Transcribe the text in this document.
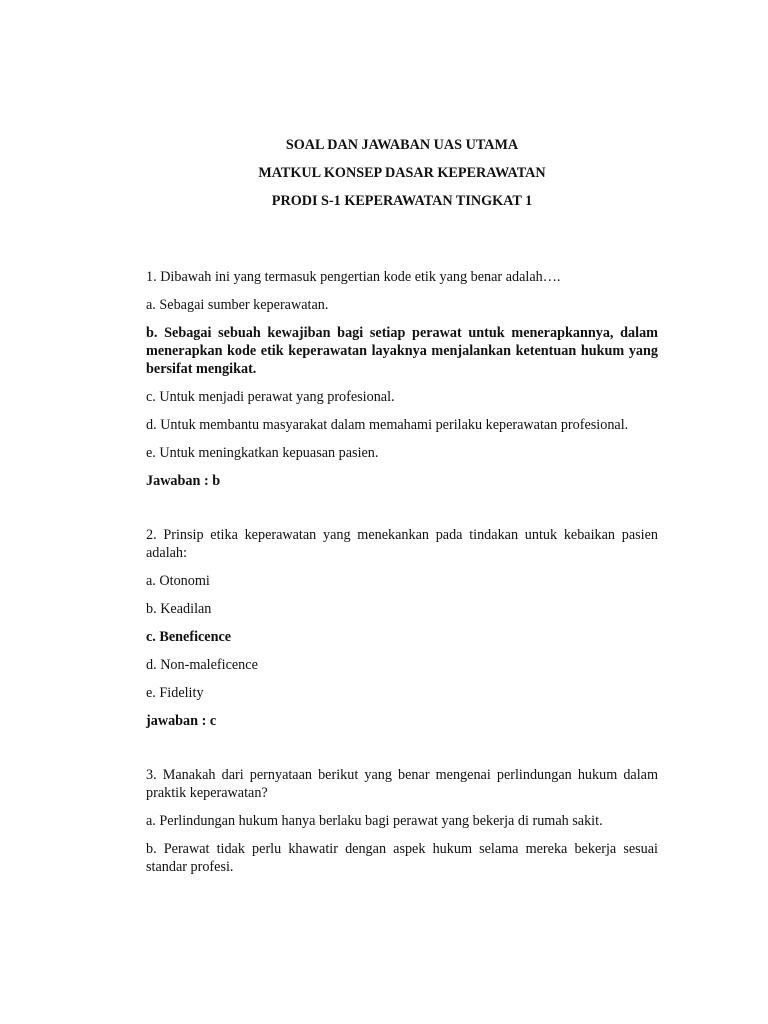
SOAL DAN JAWABAN UAS UTAMA

MATKUL KONSEP DASAR KEPERAWATAN

PRODI S-1 KEPERAWATAN TINGKAT 1

1. Dibawah ini yang termasuk pengertian kode etik yang benar adalah….

a. Sebagai sumber keperawatan.

b. Sebagai sebuah kewajiban bagi setiap perawat untuk menerapkannya, dalam menerapkan kode etik keperawatan layaknya menjalankan ketentuan hukum yang bersifat mengikat.

c. Untuk menjadi perawat yang profesional.

d. Untuk membantu masyarakat dalam memahami perilaku keperawatan profesional.

e. Untuk meningkatkan kepuasan pasien.

Jawaban : b

2. Prinsip etika keperawatan yang menekankan pada tindakan untuk kebaikan pasien adalah:

a. Otonomi

b. Keadilan

c. Beneficence

d. Non-maleficence

e. Fidelity

jawaban : c

3. Manakah dari pernyataan berikut yang benar mengenai perlindungan hukum dalam praktik keperawatan?

a. Perlindungan hukum hanya berlaku bagi perawat yang bekerja di rumah sakit.

b. Perawat tidak perlu khawatir dengan aspek hukum selama mereka bekerja sesuai standar profesi.
